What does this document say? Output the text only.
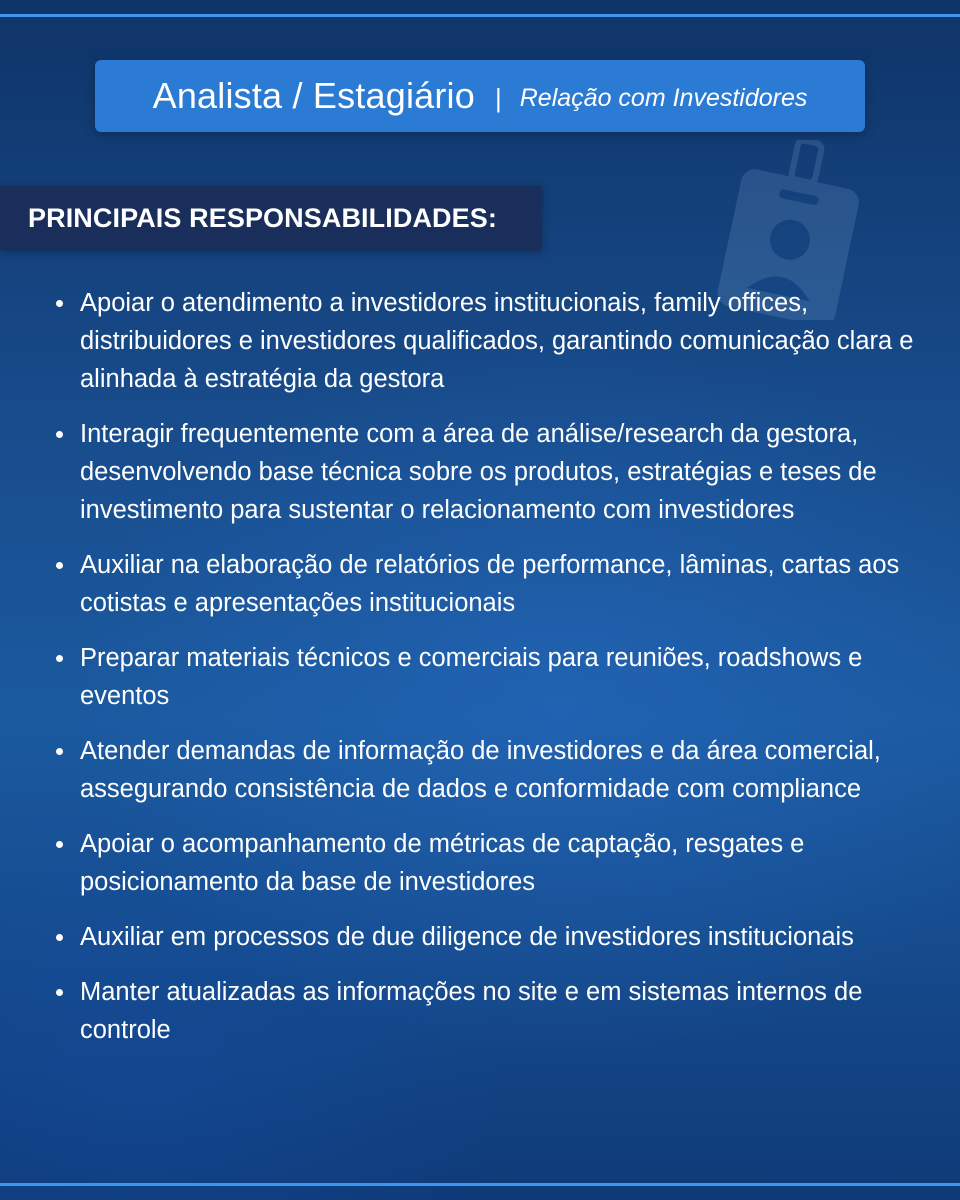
Analista / Estagiário | Relação com Investidores
PRINCIPAIS RESPONSABILIDADES:
Apoiar o atendimento a investidores institucionais, family offices, distribuidores e investidores qualificados, garantindo comunicação clara e alinhada à estratégia da gestora
Interagir frequentemente com a área de análise/research da gestora, desenvolvendo base técnica sobre os produtos, estratégias e teses de investimento para sustentar o relacionamento com investidores
Auxiliar na elaboração de relatórios de performance, lâminas, cartas aos cotistas e apresentações institucionais
Preparar materiais técnicos e comerciais para reuniões, roadshows e eventos
Atender demandas de informação de investidores e da área comercial, assegurando consistência de dados e conformidade com compliance
Apoiar o acompanhamento de métricas de captação, resgates e posicionamento da base de investidores
Auxiliar em processos de due diligence de investidores institucionais
Manter atualizadas as informações no site e em sistemas internos de controle
